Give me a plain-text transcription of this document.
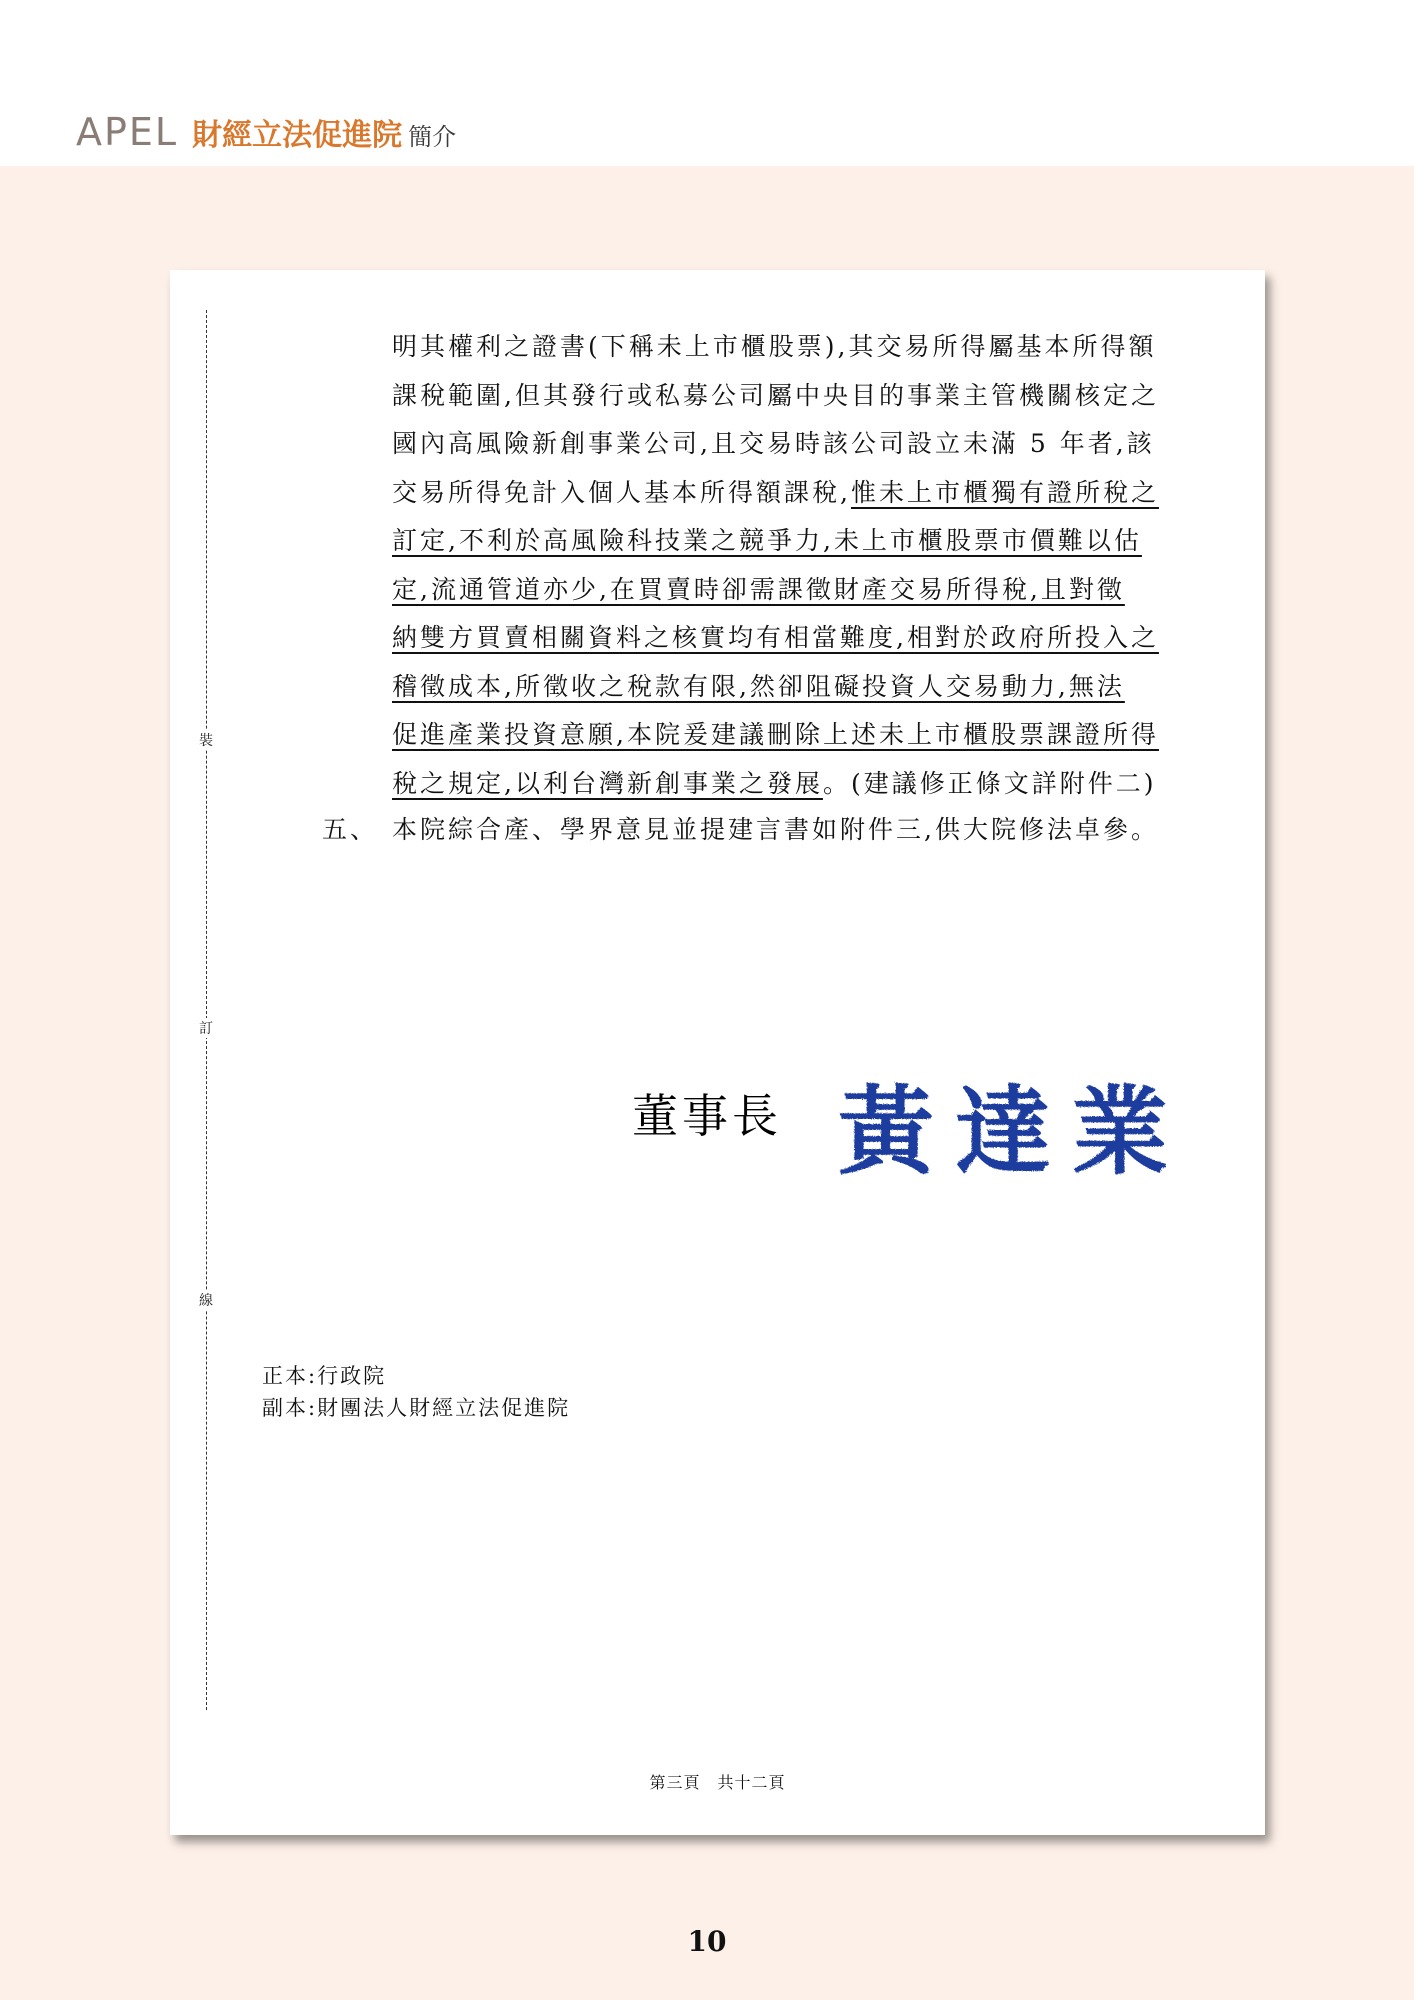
APEL 財經立法促進院 簡介
裝
訂
線

明其權利之證書(下稱未上市櫃股票),其交易所得屬基本所得額

課稅範圍,但其發行或私募公司屬中央目的事業主管機關核定之

國內高風險新創事業公司,且交易時該公司設立未滿 5 年者,該

交易所得免計入個人基本所得額課稅,惟未上市櫃獨有證所稅之

訂定,不利於高風險科技業之競爭力,未上市櫃股票市價難以估

定,流通管道亦少,在買賣時卻需課徵財產交易所得稅,且對徵

納雙方買賣相關資料之核實均有相當難度,相對於政府所投入之

稽徵成本,所徵收之稅款有限,然卻阻礙投資人交易動力,無法

促進產業投資意願,本院爰建議刪除上述未上市櫃股票課證所得

稅之規定,以利台灣新創事業之發展。(建議修正條文詳附件二)

五、 本院綜合產、學界意見並提建言書如附件三,供大院修法卓參。
董事長 黃 達 業

正本:行政院

副本:財團法人財經立法促進院

第三頁　共十二頁
10
